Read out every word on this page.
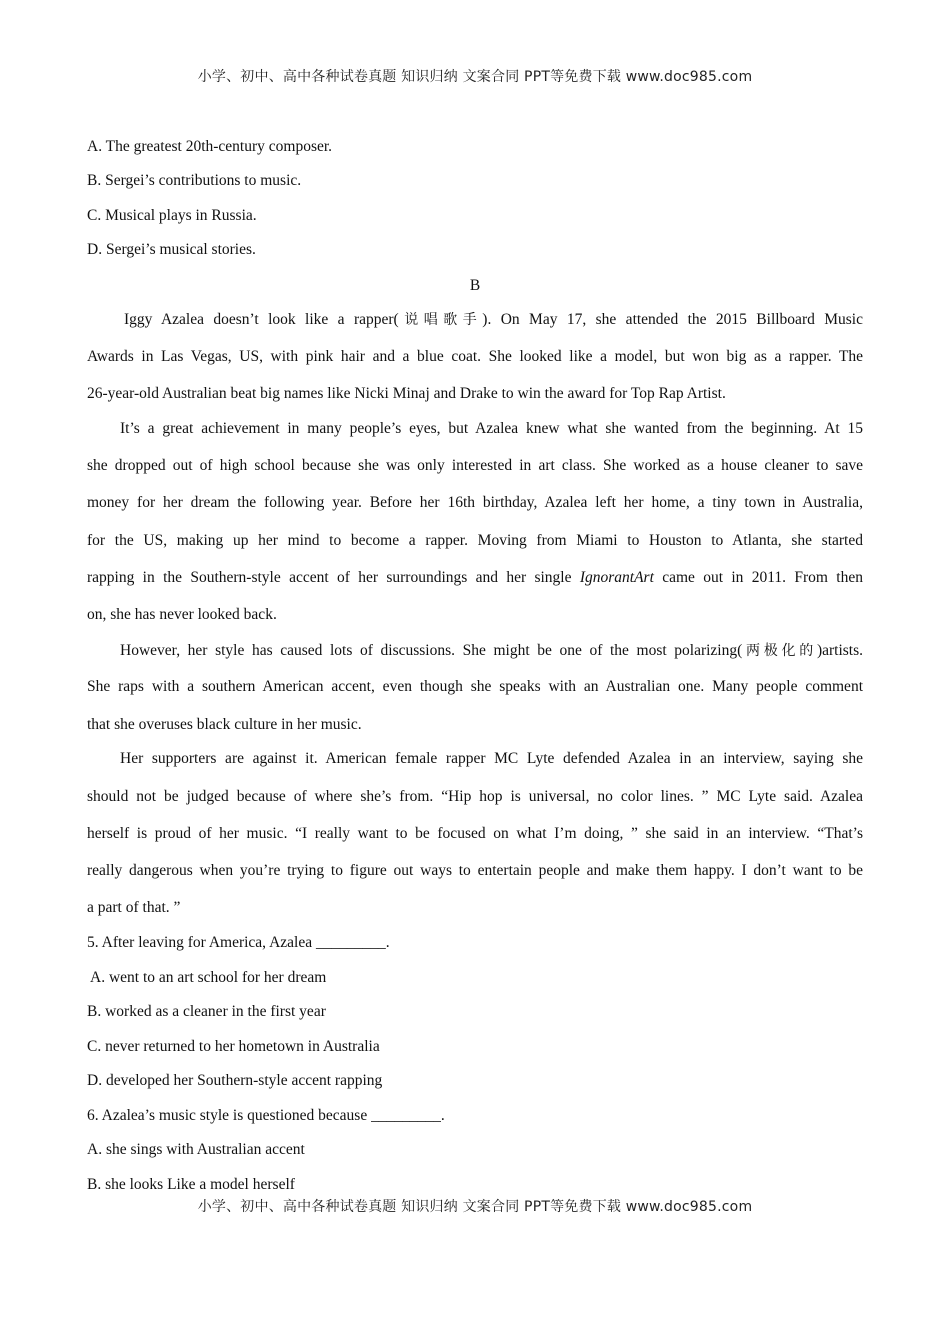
小学、初中、高中各种试卷真题 知识归纳 文案合同 PPT等免费下载 www.doc985.com
A. The greatest 20th-century composer.
B. Sergei’s contributions to music.
C. Musical plays in Russia.
D. Sergei’s musical stories.
B
Iggy Azalea doesn’t look like a rapper(说唱歌手). On May 17, she attended the 2015 Billboard Music
Awards in Las Vegas, US, with pink hair and a blue coat. She looked like a model, but won big as a rapper. The
26-year-old Australian beat big names like Nicki Minaj and Drake to win the award for Top Rap Artist.
It’s a great achievement in many people’s eyes, but Azalea knew what she wanted from the beginning. At 15
she dropped out of high school because she was only interested in art class. She worked as a house cleaner to save
money for her dream the following year. Before her 16th birthday, Azalea left her home, a tiny town in Australia,
for the US, making up her mind to become a rapper. Moving from Miami to Houston to Atlanta, she started
rapping in the Southern-style accent of her surroundings and her single IgnorantArt came out in 2011. From then
on, she has never looked back.
However, her style has caused lots of discussions. She might be one of the most polarizing(两极化的)artists.
She raps with a southern American accent, even though she speaks with an Australian one. Many people comment
that she overuses black culture in her music.
Her supporters are against it. American female rapper MC Lyte defended Azalea in an interview, saying she
should not be judged because of where she’s from. “Hip hop is universal, no color lines. ” MC Lyte said. Azalea
herself is proud of her music. “I really want to be focused on what I’m doing, ” she said in an interview. “That’s
really dangerous when you’re trying to figure out ways to entertain people and make them happy. I don’t want to be
a part of that. ”
5. After leaving for America, Azalea _________.
A. went to an art school for her dream
B. worked as a cleaner in the first year
C. never returned to her hometown in Australia
D. developed her Southern-style accent rapping
6. Azalea’s music style is questioned because _________.
A. she sings with Australian accent
B. she looks Like a model herself
小学、初中、高中各种试卷真题 知识归纳 文案合同 PPT等免费下载 www.doc985.com
